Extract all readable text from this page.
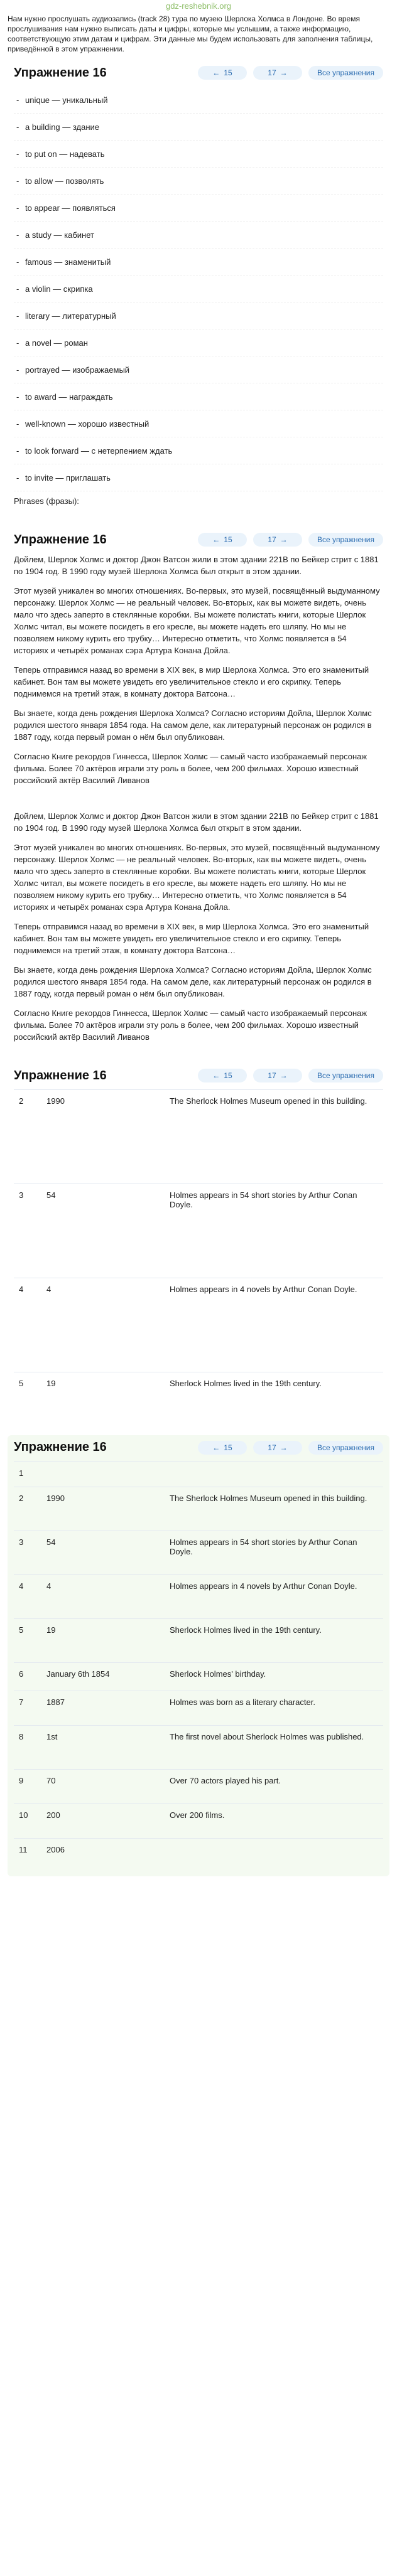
gdz-reshebnik.org

Нам нужно прослушать аудиозапись (track 28) тура по музею Шерлока Холмса в Лондоне. Во время прослушивания нам нужно выписать даты и цифры, которые мы услышим, а также информацию, соответствующую этим датам и цифрам. Эти данные мы будем использовать для заполнения таблицы, приведённой в этом упражнении.

Упражнение 16	← 15	17 →	Все упражнения
- unique — уникальный
- a building — здание
- to put on — надевать
- to allow — позволять
- to appear — появляться
- a study — кабинет
- famous — знаменитый
- a violin — скрипка
- literary — литературный
- a novel — роман
- portrayed — изображаемый
- to award — награждать
- well-known — хорошо известный
- to look forward — с нетерпением ждать
- to invite — приглашать
Phrases (фразы):
Упражнение 16	← 15	17 →	Все упражнения

Дойлем, Шерлок Холмс и доктор Джон Ватсон жили в этом здании 221B по Бейкер стрит с 1881 по 1904 год. В 1990 году музей Шерлока Холмса был открыт в этом здании.

Этот музей уникален во многих отношениях. Во-первых, это музей, посвящённый выдуманному персонажу. Шерлок Холмс — не реальный человек. Во-вторых, как вы можете видеть, очень мало что здесь заперто в стеклянные коробки. Вы можете полистать книги, которые Шерлок Холмс читал, вы можете посидеть в его кресле, вы можете надеть его шляпу. Но мы не позволяем никому курить его трубку… Интересно отметить, что Холмс появляется в 54 историях и четырёх романах сэра Артура Конана Дойла.

Теперь отправимся назад во времени в XIX век, в мир Шерлока Холмса. Это его знаменитый кабинет. Вон там вы можете увидеть его увеличительное стекло и его скрипку. Теперь поднимемся на третий этаж, в комнату доктора Ватсона…

Вы знаете, когда день рождения Шерлока Холмса? Согласно историям Дойла, Шерлок Холмс родился шестого января 1854 года. На самом деле, как литературный персонаж он родился в 1887 году, когда первый роман о нём был опубликован.

Согласно Книге рекордов Гиннесса, Шерлок Холмс — самый часто изображаемый персонаж фильма. Более 70 актёров играли эту роль в более, чем 200 фильмах. Хорошо известный российский актёр Василий Ливанов

Дойлем, Шерлок Холмс и доктор Джон Ватсон жили в этом здании 221B по Бейкер стрит с 1881 по 1904 год. В 1990 году музей Шерлока Холмса был открыт в этом здании.

Этот музей уникален во многих отношениях. Во-первых, это музей, посвящённый выдуманному персонажу. Шерлок Холмс — не реальный человек. Во-вторых, как вы можете видеть, очень мало что здесь заперто в стеклянные коробки. Вы можете полистать книги, которые Шерлок Холмс читал, вы можете посидеть в его кресле, вы можете надеть его шляпу. Но мы не позволяем никому курить его трубку… Интересно отметить, что Холмс появляется в 54 историях и четырёх романах сэра Артура Конана Дойла.

Теперь отправимся назад во времени в XIX век, в мир Шерлока Холмса. Это его знаменитый кабинет. Вон там вы можете увидеть его увеличительное стекло и его скрипку. Теперь поднимемся на третий этаж, в комнату доктора Ватсона…

Вы знаете, когда день рождения Шерлока Холмса? Согласно историям Дойла, Шерлок Холмс родился шестого января 1854 года. На самом деле, как литературный персонаж он родился в 1887 году, когда первый роман о нём был опубликован.

Согласно Книге рекордов Гиннесса, Шерлок Холмс — самый часто изображаемый персонаж фильма. Более 70 актёров играли эту роль в более, чем 200 фильмах. Хорошо известный российский актёр Василий Ливанов

Упражнение 16	← 15	17 →	Все упражнения
2	1990	The Sherlock Holmes Museum opened in this building.
3	54	Holmes appears in 54 short stories by Arthur Conan Doyle.
4	4	Holmes appears in 4 novels by Arthur Conan Doyle.
5	19	Sherlock Holmes lived in the 19th century.
Упражнение 16	← 15	17 →	Все упражнения
1		
2	1990	The Sherlock Holmes Museum opened in this building.
3	54	Holmes appears in 54 short stories by Arthur Conan Doyle.
4	4	Holmes appears in 4 novels by Arthur Conan Doyle.
5	19	Sherlock Holmes lived in the 19th century.
6	January 6th 1854	Sherlock Holmes' birthday.
7	1887	Holmes was born as a literary character.
8	1st	The first novel about Sherlock Holmes was published.
9	70	Over 70 actors played his part.
10	200	Over 200 films.
11	2006	
